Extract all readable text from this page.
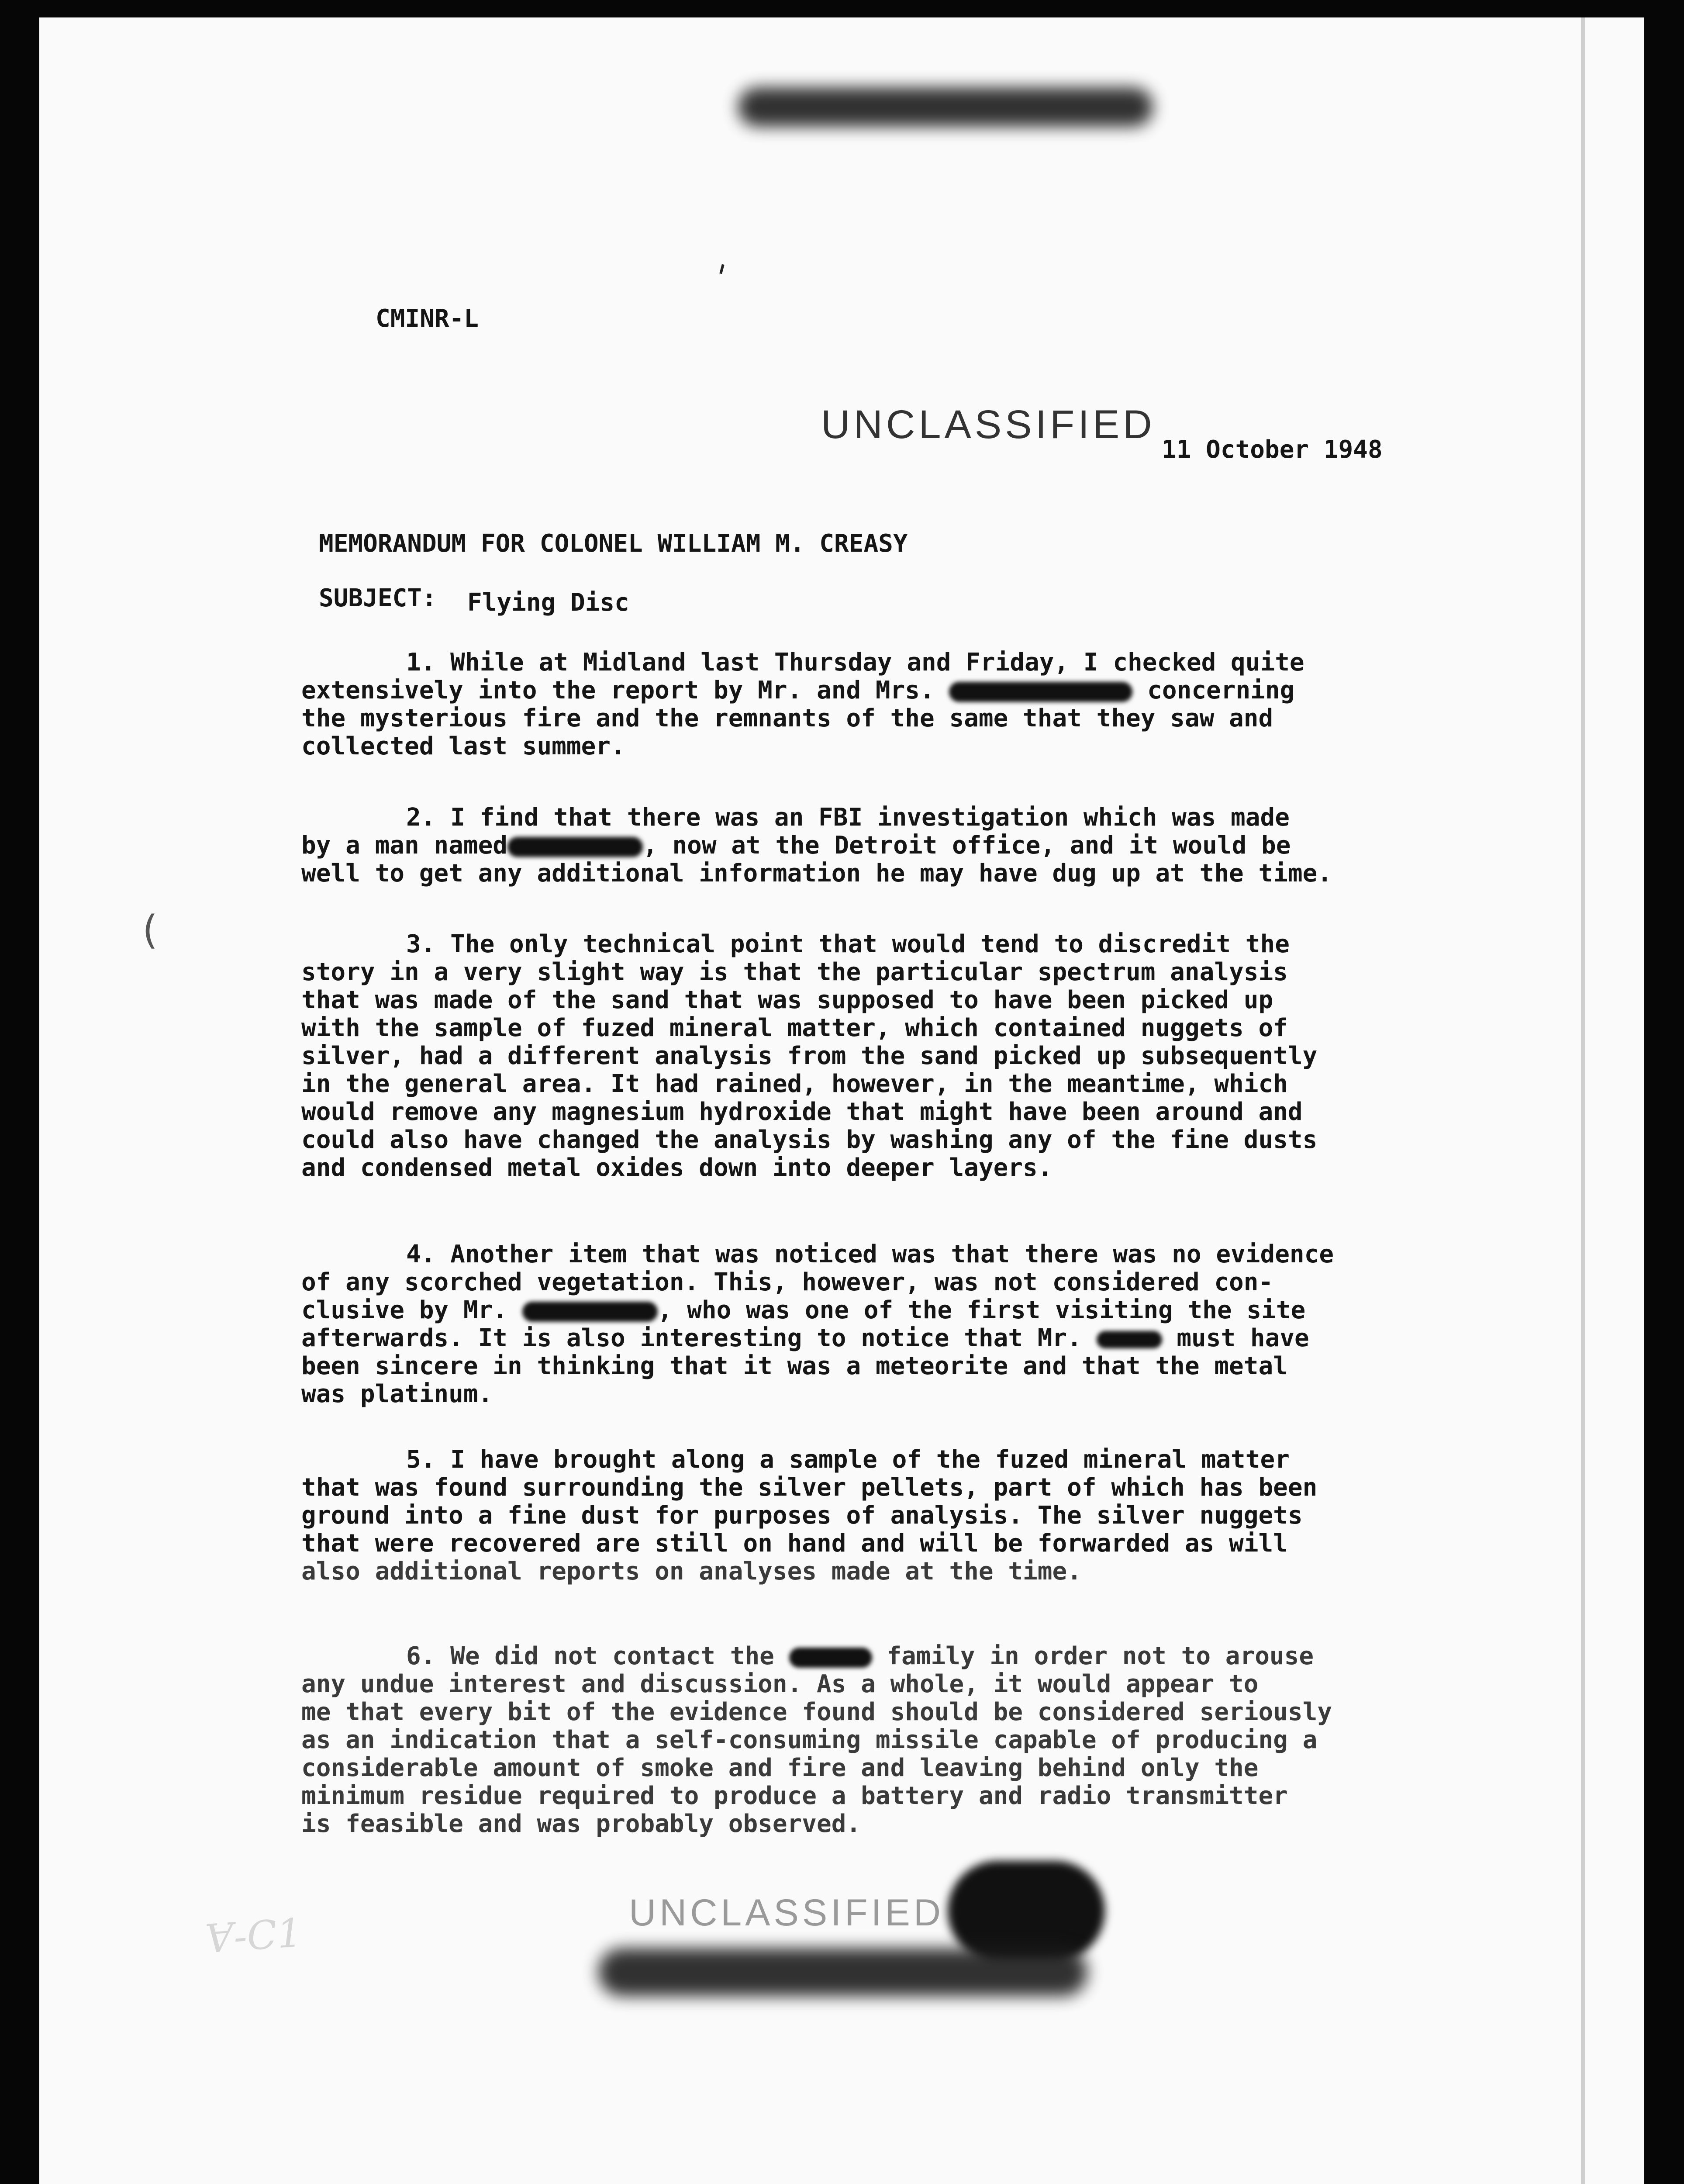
CMINR-L
UNCLASSIFIED
11 October 1948
MEMORANDUM FOR COLONEL WILLIAM M. CREASY
SUBJECT: Flying Disc
1. While at Midland last Thursday and Friday, I checked quite
extensively into the report by Mr. and Mrs.	concerning
the mysterious fire and the remnants of the same that they saw and
collected last summer.
2. I find that there was an FBI investigation which was made
by a man named	, now at the Detroit office, and it would be
well to get any additional information he may have dug up at the time.
(	3. The only technical point that would tend to discredit the
story in a very slight way is that the particular spectrum analysis
that was made of the sand that was supposed to have been picked up
with the sample of fuzed mineral matter, which contained nuggets of
silver, had a different analysis from the sand picked up subsequently
in the general area. It had rained, however, in the meantime, which
would remove any magnesium hydroxide that might have been around and
could also have changed the analysis by washing any of the fine dusts
and condensed metal oxides down into deeper layers.
4. Another item that was noticed was that there was no evidence
of any scorched vegetation. This, however, was not considered con-
clusive by Mr.	, who was one of the first visiting the site
afterwards. It is also interesting to notice that Mr.	must have
been sincere in thinking that it was a meteorite and that the metal
was platinum.
5. I have brought along a sample of the fuzed mineral matter
that was found surrounding the silver pellets, part of which has been
ground into a fine dust for purposes of analysis. The silver nuggets
that were recovered are still on hand and will be forwarded as will
also additional reports on analyses made at the time.
6. We did not contact the	family in order not to arouse
any undue interest and discussion. As a whole, it would appear to
me that every bit of the evidence found should be considered seriously
as an indication that a self-consuming missile capable of producing a
considerable amount of smoke and fire and leaving behind only the
minimum residue required to produce a battery and radio transmitter
is feasible and was probably observed.
UNCLASSIFIED
Ɐ-C1
